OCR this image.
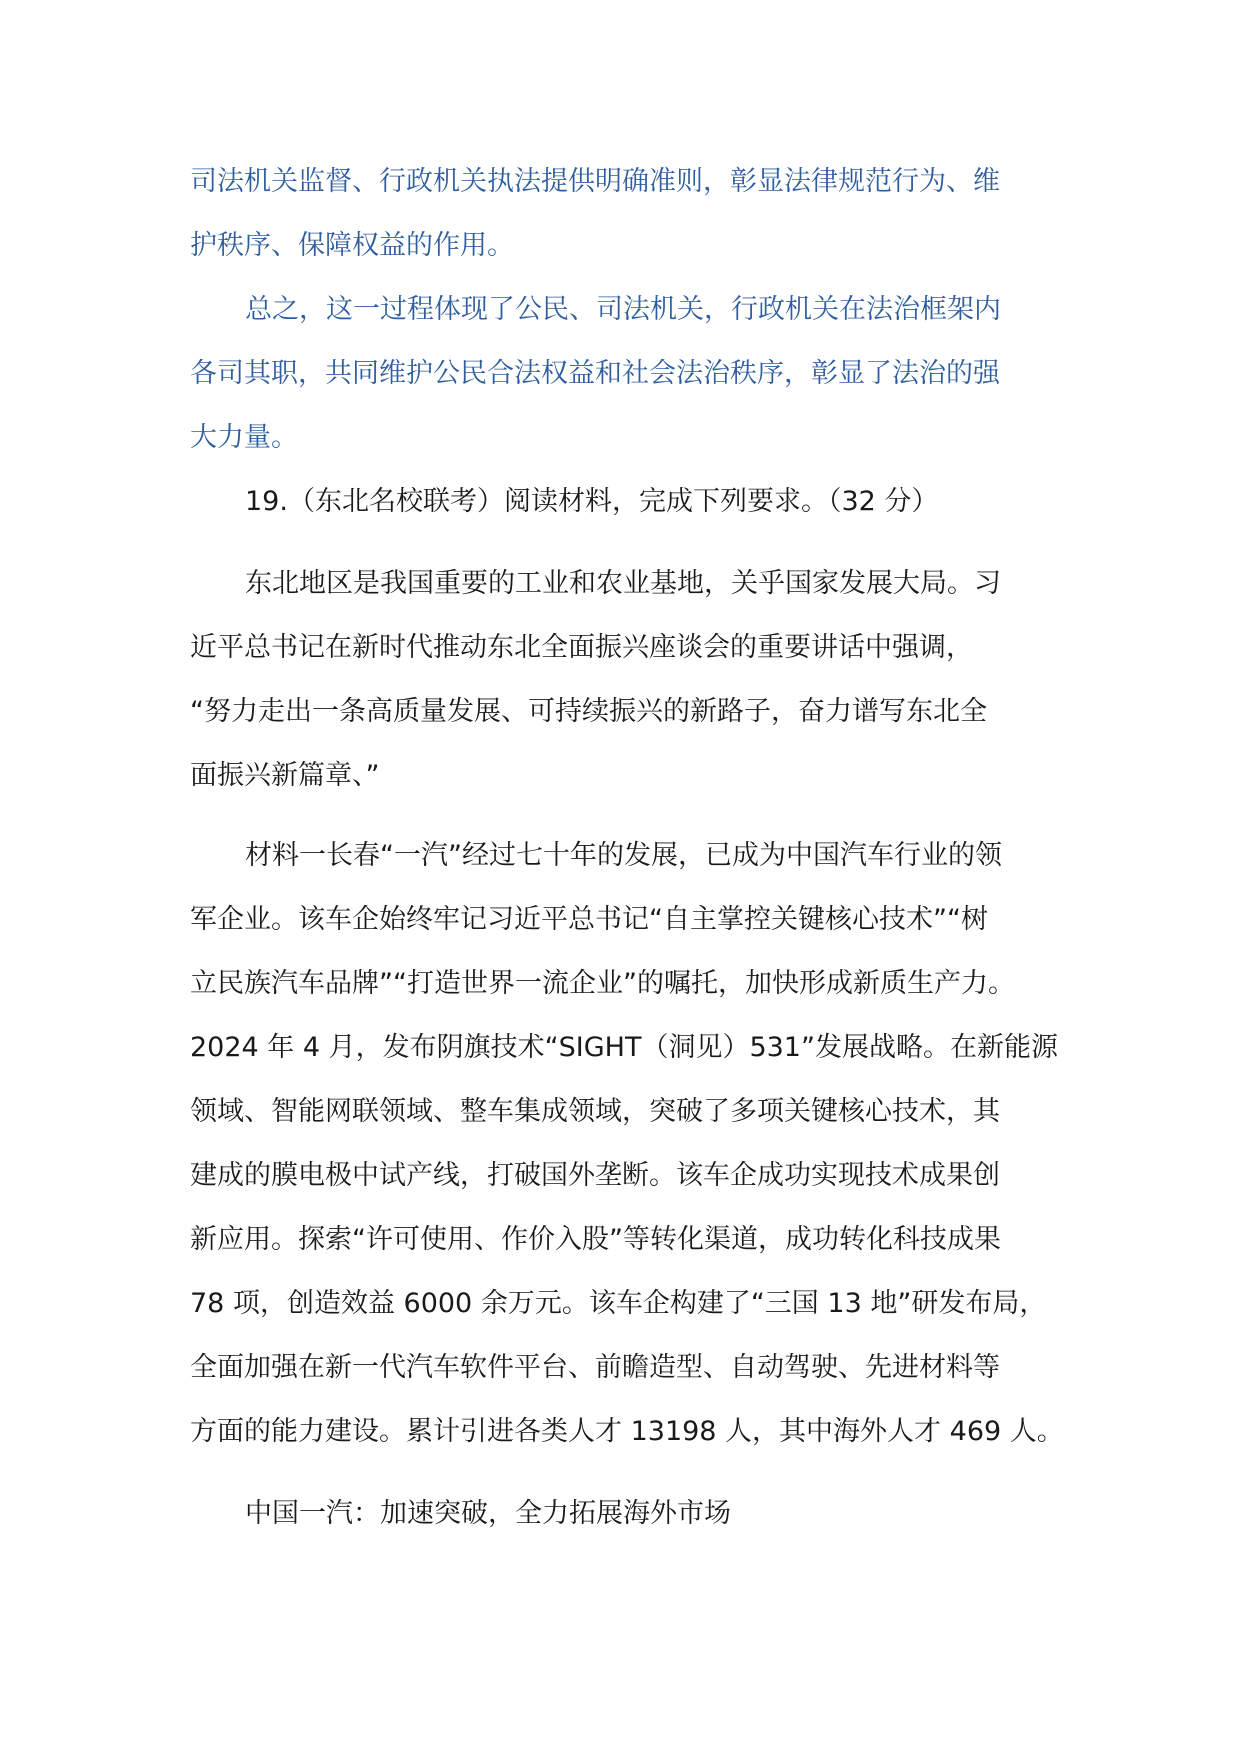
司法机关监督、行政机关执法提供明确准则，彰显法律规范行为、维

护秩序、保障权益的作用。

总之，这一过程体现了公民、司法机关，行政机关在法治框架内

各司其职，共同维护公民合法权益和社会法治秩序，彰显了法治的强

大力量。

19.（东北名校联考）阅读材料，完成下列要求。（32 分）

东北地区是我国重要的工业和农业基地，关乎国家发展大局。习

近平总书记在新时代推动东北全面振兴座谈会的重要讲话中强调，

“努力走出一条高质量发展、可持续振兴的新路子，奋力谱写东北全

面振兴新篇章、”

材料一长春“一汽”经过七十年的发展，已成为中国汽车行业的领

军企业。该车企始终牢记习近平总书记“自主掌控关键核心技术”“树

立民族汽车品牌”“打造世界一流企业”的嘱托，加快形成新质生产力。

2024 年 4 月，发布阴旗技术“SIGHT（洞见）531”发展战略。在新能源

领域、智能网联领域、整车集成领域，突破了多项关键核心技术，其

建成的膜电极中试产线，打破国外垄断。该车企成功实现技术成果创

新应用。探索“许可使用、作价入股”等转化渠道，成功转化科技成果

78 项，创造效益 6000 余万元。该车企构建了“三国 13 地”研发布局，

全面加强在新一代汽车软件平台、前瞻造型、自动驾驶、先进材料等

方面的能力建设。累计引进各类人才 13198 人，其中海外人才 469 人。

中国一汽：加速突破，全力拓展海外市场
